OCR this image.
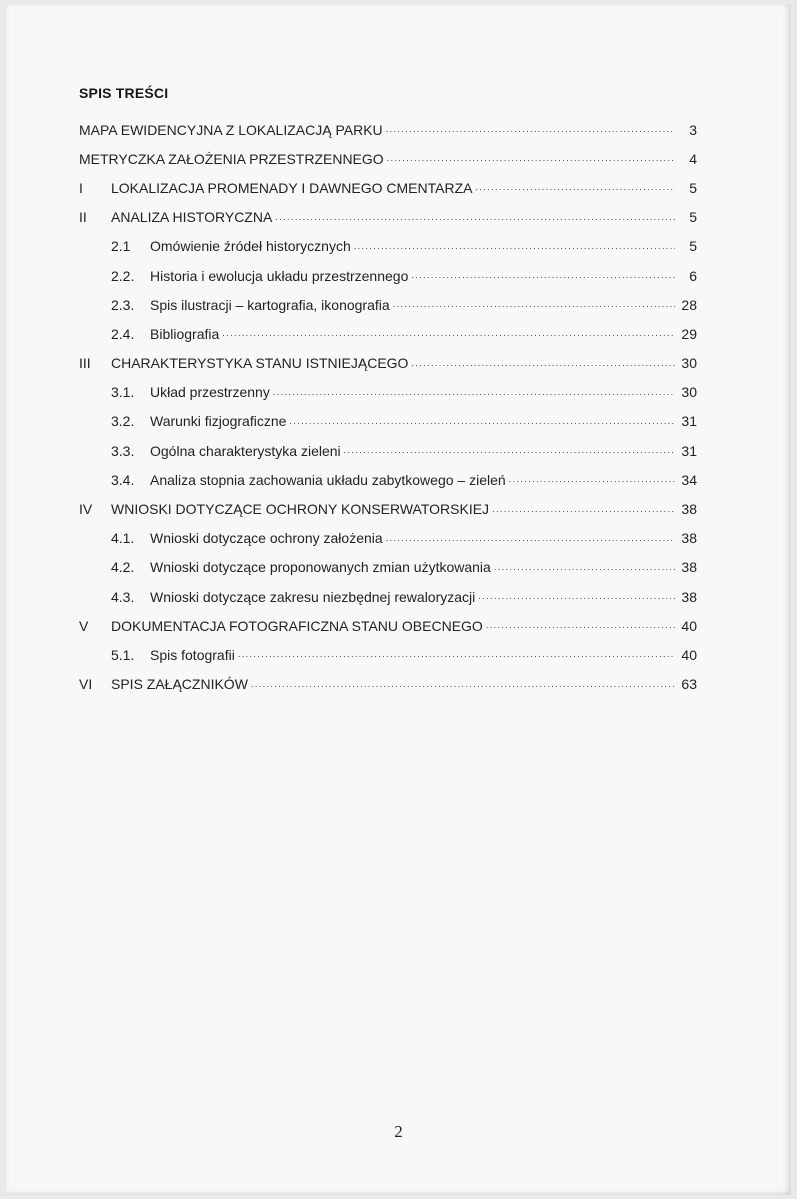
SPIS TREŚCI
MAPA EWIDENCYJNA Z LOKALIZACJĄ PARKU .....	3
METRYCZKA ZAŁOŻENIA PRZESTRZENNEGO .....	4
I	LOKALIZACJA PROMENADY I DAWNEGO CMENTARZA .....	5
II	ANALIZA HISTORYCZNA .....	5
2.1	Omówienie źródeł historycznych .....	5
2.2.	Historia i ewolucja układu przestrzennego .....	6
2.3.	Spis ilustracji – kartografia, ikonografia .....	28
2.4.	Bibliografia .....	29
III	CHARAKTERYSTYKA STANU ISTNIEJĄCEGO .....	30
3.1.	Układ przestrzenny .....	30
3.2.	Warunki fizjograficzne .....	31
3.3.	Ogólna charakterystyka zieleni .....	31
3.4.	Analiza stopnia zachowania układu zabytkowego – zieleń .....	34
IV	WNIOSKI DOTYCZĄCE OCHRONY KONSERWATORSKIEJ .....	38
4.1.	Wnioski dotyczące ochrony założenia .....	38
4.2.	Wnioski dotyczące proponowanych zmian użytkowania .....	38
4.3.	Wnioski dotyczące zakresu niezbędnej rewaloryzacji .....	38
V	DOKUMENTACJA FOTOGRAFICZNA STANU OBECNEGO .....	40
5.1.	Spis fotografii .....	40
VI	SPIS ZAŁĄCZNIKÓW .....	63
2
